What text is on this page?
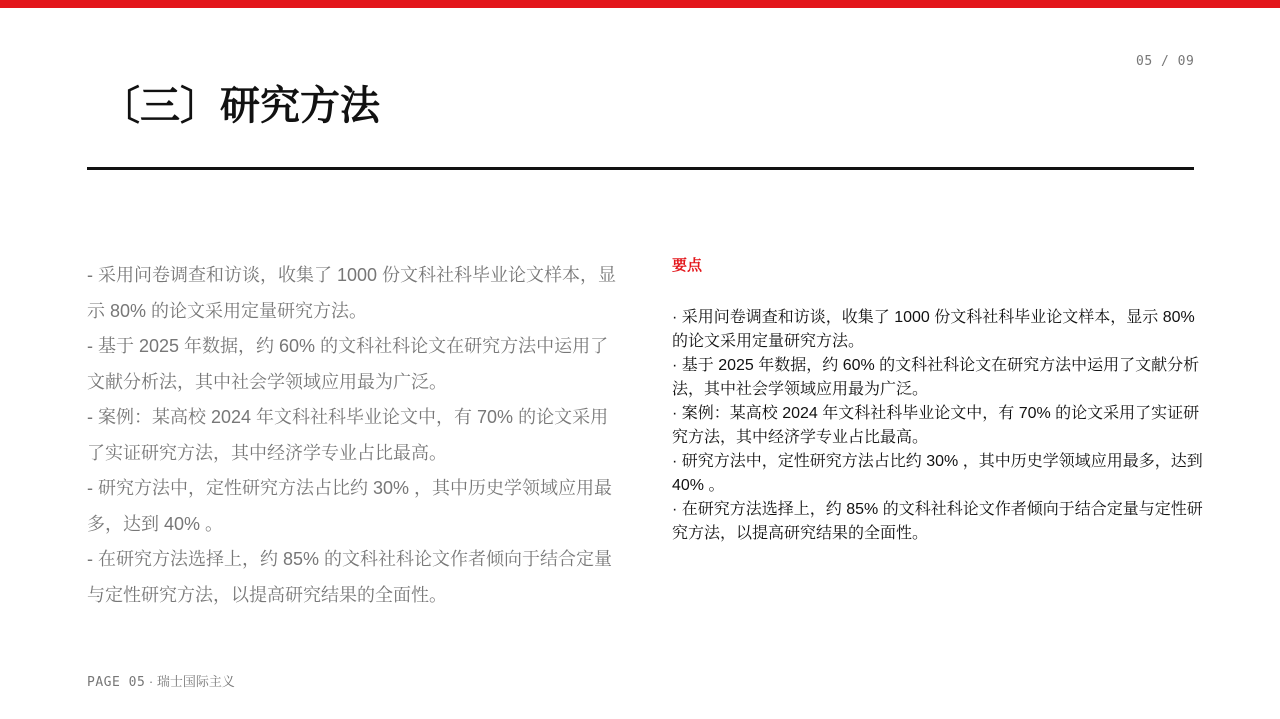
05 / 09
〔三〕研究方法
- 采用问卷调查和访谈，收集了 1000 份文科社科毕业论文样本，显示 80% 的论文采用定量研究方法。
- 基于 2025 年数据，约 60% 的文科社科论文在研究方法中运用了文献分析法，其中社会学领域应用最为广泛。
- 案例：某高校 2024 年文科社科毕业论文中，有 70% 的论文采用了实证研究方法，其中经济学专业占比最高。
- 研究方法中，定性研究方法占比约 30% ，其中历史学领域应用最多，达到 40% 。
- 在研究方法选择上，约 85% 的文科社科论文作者倾向于结合定量与定性研究方法，以提高研究结果的全面性。

要点

· 采用问卷调查和访谈，收集了 1000 份文科社科毕业论文样本，显示 80% 的论文采用定量研究方法。
· 基于 2025 年数据，约 60% 的文科社科论文在研究方法中运用了文献分析法，其中社会学领域应用最为广泛。
· 案例：某高校 2024 年文科社科毕业论文中，有 70% 的论文采用了实证研究方法，其中经济学专业占比最高。
· 研究方法中，定性研究方法占比约 30% ，其中历史学领域应用最多，达到 40% 。
· 在研究方法选择上，约 85% 的文科社科论文作者倾向于结合定量与定性研究方法，以提高研究结果的全面性。
PAGE 05 · 瑞士国际主义
